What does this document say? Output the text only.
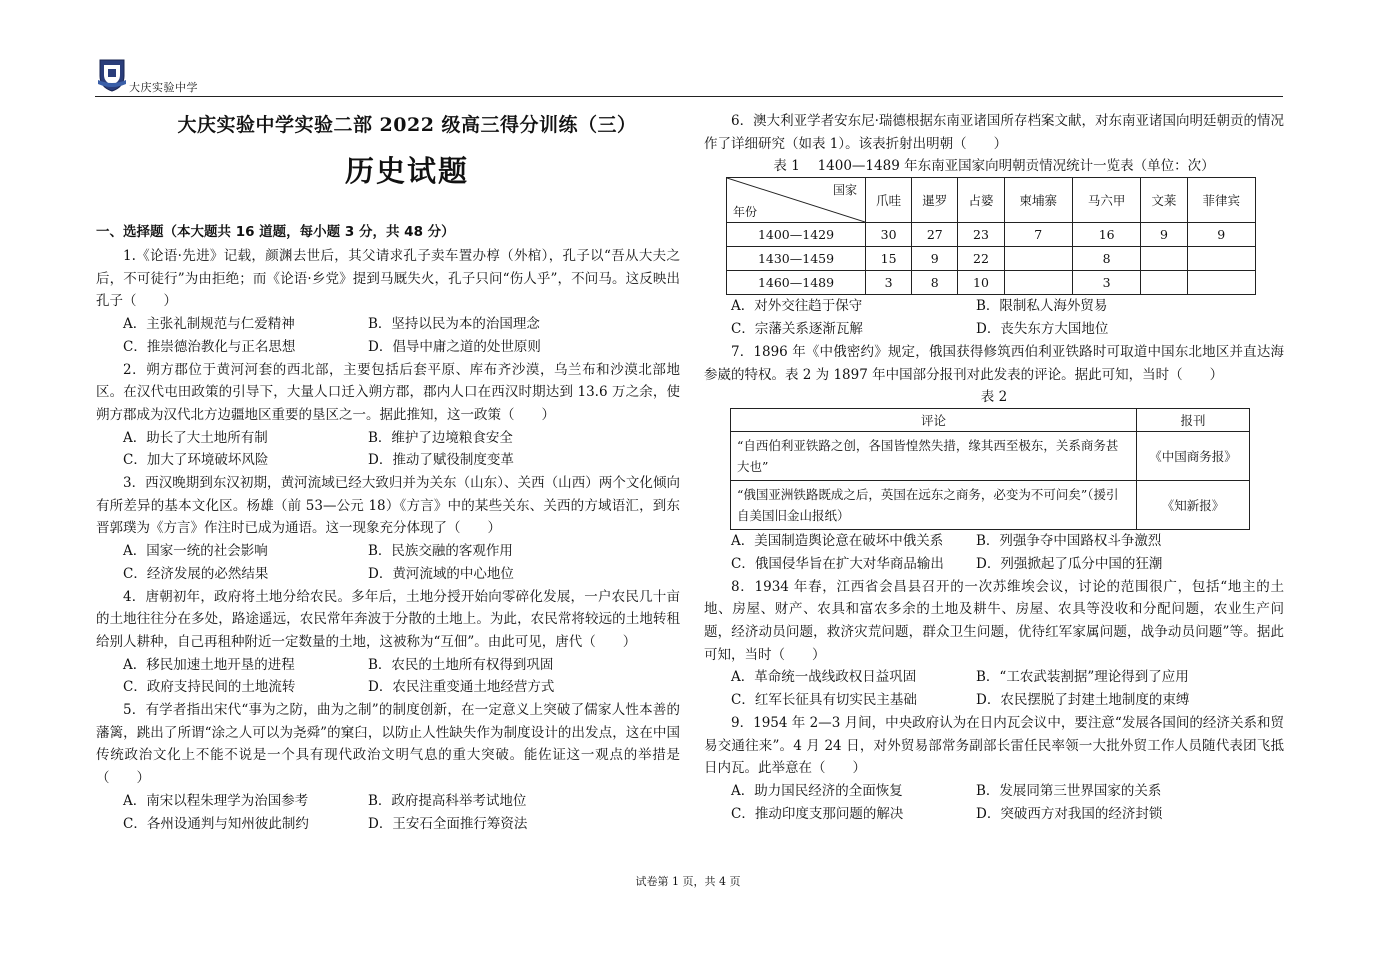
大庆实验中学
大庆实验中学实验二部 2022 级高三得分训练（三）
历史试题
一、选择题（本大题共 16 道题，每小题 3 分，共 48 分）

1.《论语·先进》记载，颜渊去世后，其父请求孔子卖车置办椁（外棺），孔子以“吾从大夫之后，不可徒行”为由拒绝；而《论语·乡党》提到马厩失火，孔子只问“伤人乎”，不问马。这反映出孔子（　　）

A．主张礼制规范与仁爱精神	B．坚持以民为本的治国理念
C．推崇德治教化与正名思想	D．倡导中庸之道的处世原则

2．朔方郡位于黄河河套的西北部，主要包括后套平原、库布齐沙漠，乌兰布和沙漠北部地区。在汉代屯田政策的引导下，大量人口迁入朔方郡，郡内人口在西汉时期达到 13.6 万之余，使朔方郡成为汉代北方边疆地区重要的垦区之一。据此推知，这一政策（　　）

A．助长了大土地所有制	B．维护了边境粮食安全
C．加大了环境破坏风险	D．推动了赋役制度变革

3．西汉晚期到东汉初期，黄河流域已经大致归并为关东（山东）、关西（山西）两个文化倾向有所差异的基本文化区。杨雄（前 53—公元 18）《方言》中的某些关东、关西的方域语汇，到东晋郭璞为《方言》作注时已成为通语。这一现象充分体现了（　　）

A．国家一统的社会影响	B．民族交融的客观作用
C．经济发展的必然结果	D．黄河流域的中心地位

4．唐朝初年，政府将土地分给农民。多年后，土地分授开始向零碎化发展，一户农民几十亩的土地往往分在多处，路途遥远，农民常年奔波于分散的土地上。为此，农民常将较远的土地转租给别人耕种，自己再租种附近一定数量的土地，这被称为“互佃”。由此可见，唐代（　　）

A．移民加速土地开垦的进程	B．农民的土地所有权得到巩固
C．政府支持民间的土地流转	D．农民注重变通土地经营方式

5．有学者指出宋代“事为之防，曲为之制”的制度创新，在一定意义上突破了儒家人性本善的藩篱，跳出了所谓“涂之人可以为尧舜”的窠臼，以防止人性缺失作为制度设计的出发点，这在中国传统政治文化上不能不说是一个具有现代政治文明气息的重大突破。能佐证这一观点的举措是（　　）

A．南宋以程朱理学为治国参考	B．政府提高科举考试地位
C．各州设通判与知州彼此制约	D．王安石全面推行筹资法

6．澳大利亚学者安东尼·瑞德根据东南亚诸国所存档案文献，对东南亚诸国向明廷朝贡的情况作了详细研究（如表 1）。该表折射出明朝（　　）

表 1　 1400—1489 年东南亚国家向明朝贡情况统计一览表（单位：次）
国家
年份	爪哇	暹罗	占婆	柬埔寨	马六甲	文莱	菲律宾
1400—1429	30	27	23	7	16	9	9
1430—1459	15	9	22		8		
1460—1489	3	8	10		3		
A．对外交往趋于保守	B．限制私人海外贸易
C．宗藩关系逐渐瓦解	D．丧失东方大国地位

7．1896 年《中俄密约》规定，俄国获得修筑西伯利亚铁路时可取道中国东北地区并直达海参崴的特权。表 2 为 1897 年中国部分报刊对此发表的评论。据此可知，当时（　　）

表 2
评论	报刊
“自西伯利亚铁路之创，各国皆惶然失措，缘其西至极东，关系商务甚大也”	《中国商务报》
“俄国亚洲铁路既成之后，英国在远东之商务，必变为不可问矣”（援引自美国旧金山报纸）	《知新报》
A．美国制造舆论意在破坏中俄关系	B．列强争夺中国路权斗争激烈
C．俄国侵华旨在扩大对华商品输出	D．列强掀起了瓜分中国的狂潮

8．1934 年春，江西省会昌县召开的一次苏维埃会议，讨论的范围很广，包括“地主的土地、房屋、财产、农具和富农多余的土地及耕牛、房屋、农具等没收和分配问题，农业生产问题，经济动员问题，救济灾荒问题，群众卫生问题，优待红军家属问题，战争动员问题”等。据此可知，当时（　　）

A．革命统一战线政权日益巩固	B．“工农武装割据”理论得到了应用
C．红军长征具有切实民主基础	D．农民摆脱了封建土地制度的束缚

9．1954 年 2—3 月间，中央政府认为在日内瓦会议中，要注意“发展各国间的经济关系和贸易交通往来”。4 月 24 日，对外贸易部常务副部长雷任民率领一大批外贸工作人员随代表团飞抵日内瓦。此举意在（　　）

A．助力国民经济的全面恢复	B．发展同第三世界国家的关系
C．推动印度支那问题的解决	D．突破西方对我国的经济封锁
试卷第 1 页，共 4 页
